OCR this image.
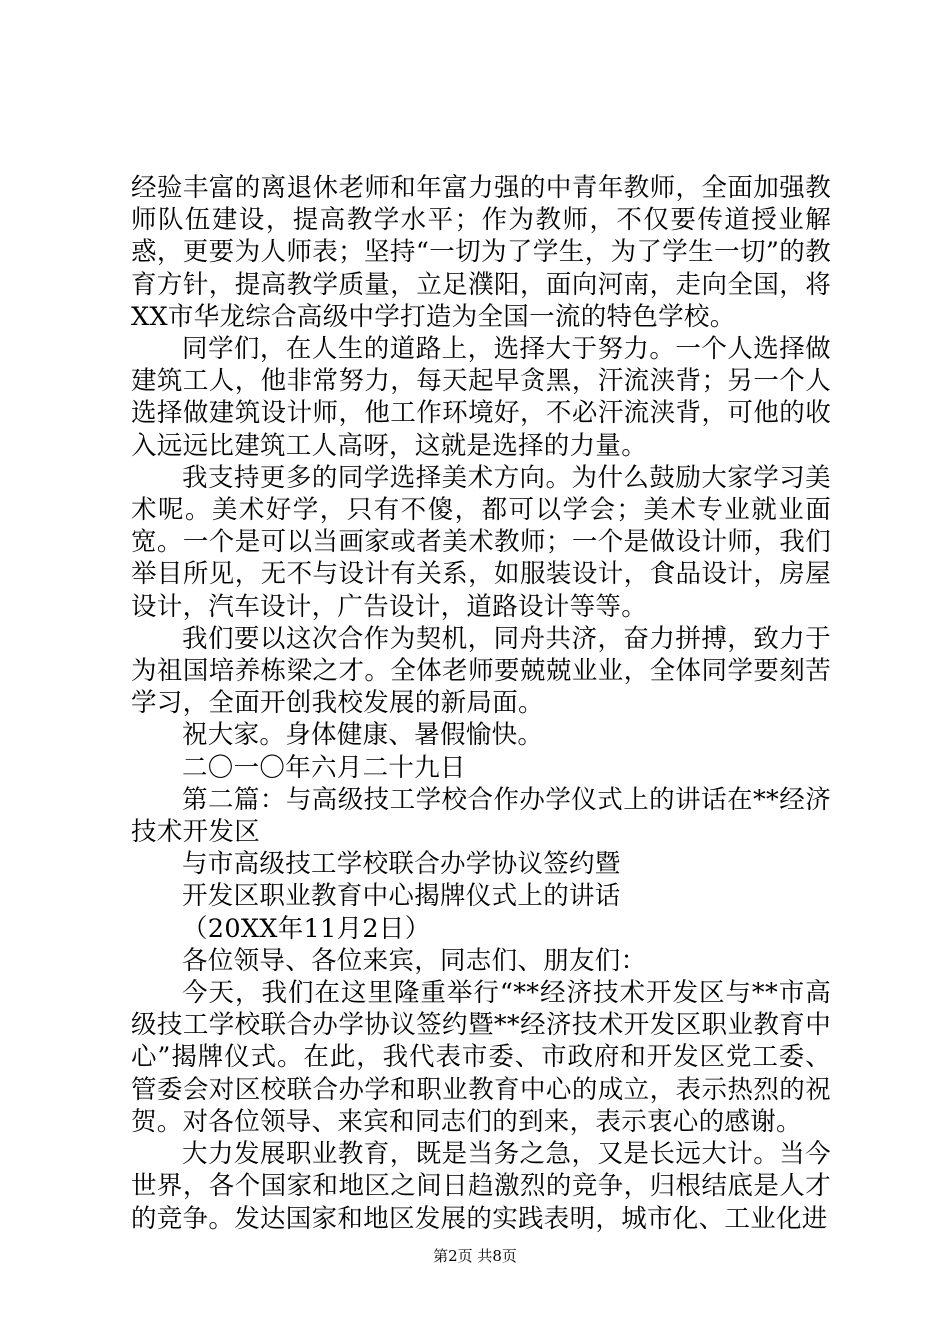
经验丰富的离退休老师和年富力强的中青年教师，全面加强教师队伍建设，提高教学水平；作为教师，不仅要传道授业解惑，更要为人师表；坚持“一切为了学生，为了学生一切”的教育方针，提高教学质量，立足濮阳，面向河南，走向全国，将XX市华龙综合高级中学打造为全国一流的特色学校。

同学们，在人生的道路上，选择大于努力。一个人选择做建筑工人，他非常努力，每天起早贪黑，汗流浃背；另一个人选择做建筑设计师，他工作环境好，不必汗流浃背，可他的收入远远比建筑工人高呀，这就是选择的力量。

我支持更多的同学选择美术方向。为什么鼓励大家学习美术呢。美术好学，只有不傻，都可以学会；美术专业就业面宽。一个是可以当画家或者美术教师；一个是做设计师，我们举目所见，无不与设计有关系，如服装设计，食品设计，房屋设计，汽车设计，广告设计，道路设计等等。

我们要以这次合作为契机，同舟共济，奋力拼搏，致力于为祖国培养栋梁之才。全体老师要兢兢业业，全体同学要刻苦学习，全面开创我校发展的新局面。

祝大家。身体健康、暑假愉快。

二〇一〇年六月二十九日

第二篇：与高级技工学校合作办学仪式上的讲话在**经济技术开发区

与市高级技工学校联合办学协议签约暨

开发区职业教育中心揭牌仪式上的讲话

（20XX年11月2日）

各位领导、各位来宾，同志们、朋友们：

今天，我们在这里隆重举行“**经济技术开发区与**市高级技工学校联合办学协议签约暨**经济技术开发区职业教育中心”揭牌仪式。在此，我代表市委、市政府和开发区党工委、管委会对区校联合办学和职业教育中心的成立，表示热烈的祝贺。对各位领导、来宾和同志们的到来，表示衷心的感谢。

大力发展职业教育，既是当务之急，又是长远大计。当今世界，各个国家和地区之间日趋激烈的竞争，归根结底是人才的竞争。发达国家和地区发展的实践表明，城市化、工业化进

第2页 共8页
